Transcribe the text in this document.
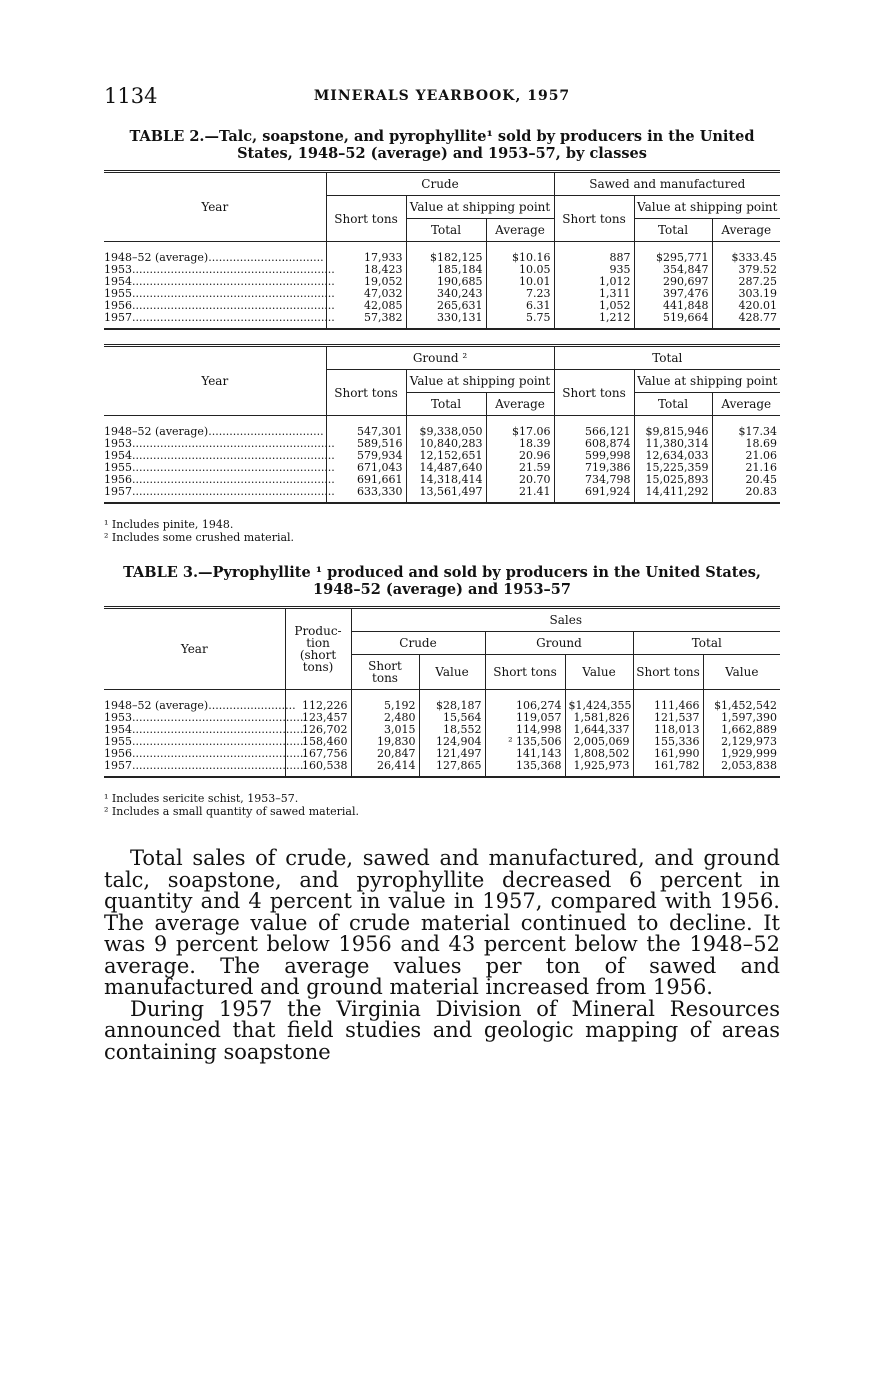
1134	MINERALS YEARBOOK, 1957
TABLE 2.—Talc, soapstone, and pyrophyllite¹ sold by producers in the United
States, 1948–52 (average) and 1953–57, by classes
Year	Crude			Sawed and manufactured		
	Short tons	Value at shipping point		Short tons	Value at shipping point	
		Total	Average		Total	Average
1948–52 (average).................................	17,933	$182,125	$10.16	887	$295,771	$333.45
1953..........................................................	18,423	185,184	10.05	935	354,847	379.52
1954..........................................................	19,052	190,685	10.01	1,012	290,697	287.25
1955..........................................................	47,032	340,243	7.23	1,311	397,476	303.19
1956..........................................................	42,085	265,631	6.31	1,052	441,848	420.01
1957..........................................................	57,382	330,131	5.75	1,212	519,664	428.77
Year	Ground ²			Total		
	Short tons	Value at shipping point		Short tons	Value at shipping point	
		Total	Average		Total	Average
1948–52 (average).................................	547,301	$9,338,050	$17.06	566,121	$9,815,946	$17.34
1953..........................................................	589,516	10,840,283	18.39	608,874	11,380,314	18.69
1954..........................................................	579,934	12,152,651	20.96	599,998	12,634,033	21.06
1955..........................................................	671,043	14,487,640	21.59	719,386	15,225,359	21.16
1956..........................................................	691,661	14,318,414	20.70	734,798	15,025,893	20.45
1957..........................................................	633,330	13,561,497	21.41	691,924	14,411,292	20.83
¹ Includes pinite, 1948.
² Includes some crushed material.
TABLE 3.—Pyrophyllite ¹ produced and sold by producers in the United States,
1948–52 (average) and 1953–57
Year	Produc-tion (short tons)	Sales					
		Crude		Ground		Total	
		Short tons	Value	Short tons	Value	Short tons	Value
1948–52 (average).........................	112,226	5,192	$28,187	106,274	$1,424,355	111,466	$1,452,542
1953..................................................	123,457	2,480	15,564	119,057	1,581,826	121,537	1,597,390
1954..................................................	126,702	3,015	18,552	114,998	1,644,337	118,013	1,662,889
1955..................................................	158,460	19,830	124,904	² 135,506	2,005,069	155,336	2,129,973
1956..................................................	167,756	20,847	121,497	141,143	1,808,502	161,990	1,929,999
1957..................................................	160,538	26,414	127,865	135,368	1,925,973	161,782	2,053,838
¹ Includes sericite schist, 1953–57.
² Includes a small quantity of sawed material.

Total sales of crude, sawed and manufactured, and ground talc, soapstone, and pyrophyllite decreased 6 percent in quantity and 4 percent in value in 1957, compared with 1956. The average value of crude material continued to decline. It was 9 percent below 1956 and 43 percent below the 1948–52 average. The average values per ton of sawed and manufactured and ground material increased from 1956.

During 1957 the Virginia Division of Mineral Resources announced that field studies and geologic mapping of areas containing soapstone
